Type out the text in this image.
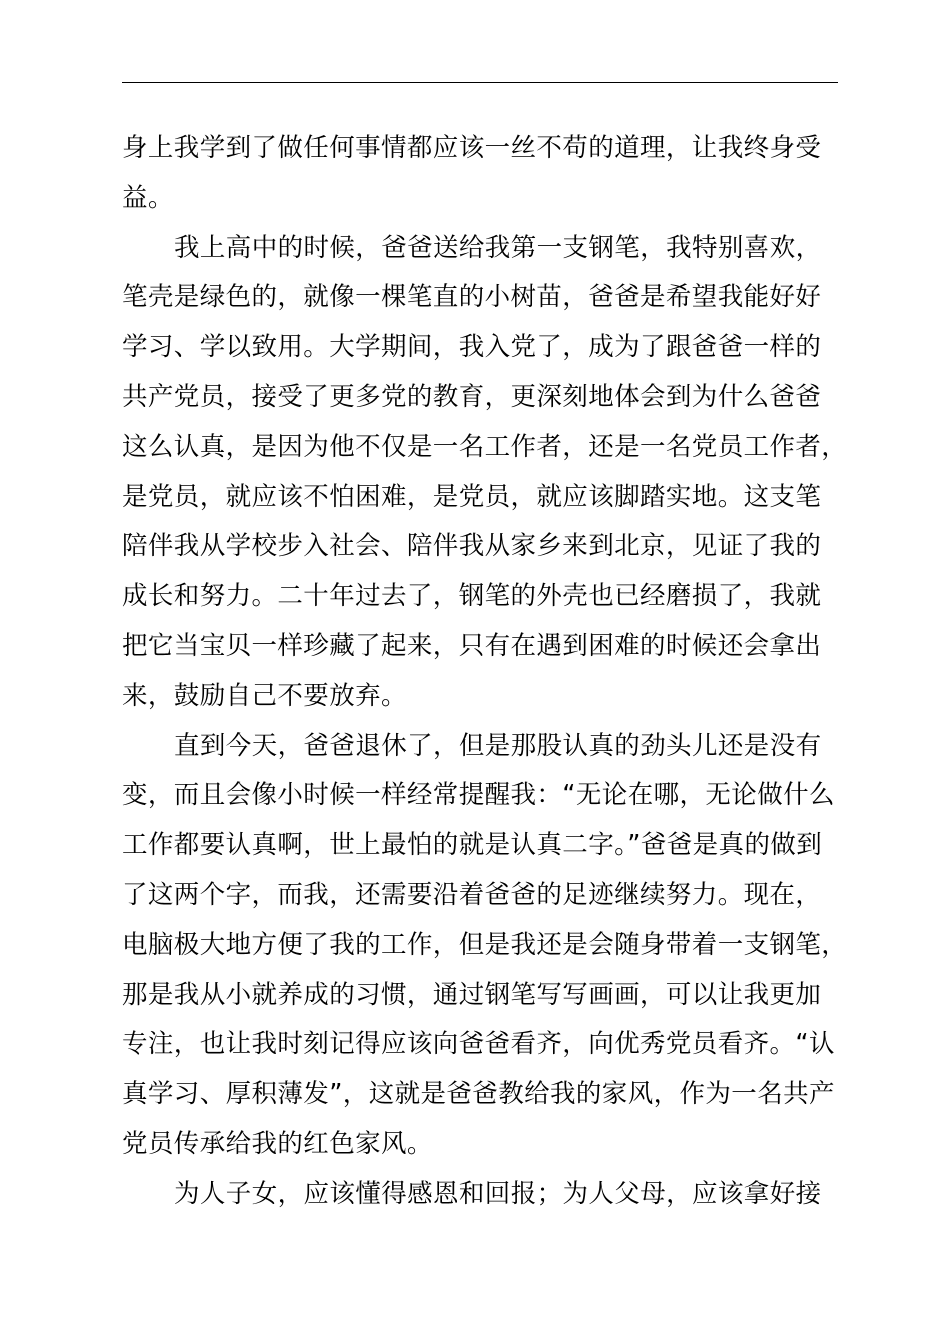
身上我学到了做任何事情都应该一丝不苟的道理，让我终身受
益。
我上高中的时候，爸爸送给我第一支钢笔，我特别喜欢，
笔壳是绿色的，就像一棵笔直的小树苗，爸爸是希望我能好好
学习、学以致用。大学期间，我入党了，成为了跟爸爸一样的
共产党员，接受了更多党的教育，更深刻地体会到为什么爸爸
这么认真，是因为他不仅是一名工作者，还是一名党员工作者，
是党员，就应该不怕困难，是党员，就应该脚踏实地。这支笔
陪伴我从学校步入社会、陪伴我从家乡来到北京，见证了我的
成长和努力。二十年过去了，钢笔的外壳也已经磨损了，我就
把它当宝贝一样珍藏了起来，只有在遇到困难的时候还会拿出
来，鼓励自己不要放弃。
直到今天，爸爸退休了，但是那股认真的劲头儿还是没有
变，而且会像小时候一样经常提醒我：“无论在哪，无论做什么
工作都要认真啊，世上最怕的就是认真二字。”爸爸是真的做到
了这两个字，而我，还需要沿着爸爸的足迹继续努力。现在，
电脑极大地方便了我的工作，但是我还是会随身带着一支钢笔，
那是我从小就养成的习惯，通过钢笔写写画画，可以让我更加
专注，也让我时刻记得应该向爸爸看齐，向优秀党员看齐。“认
真学习、厚积薄发”，这就是爸爸教给我的家风，作为一名共产
党员传承给我的红色家风。
为人子女，应该懂得感恩和回报；为人父母，应该拿好接
